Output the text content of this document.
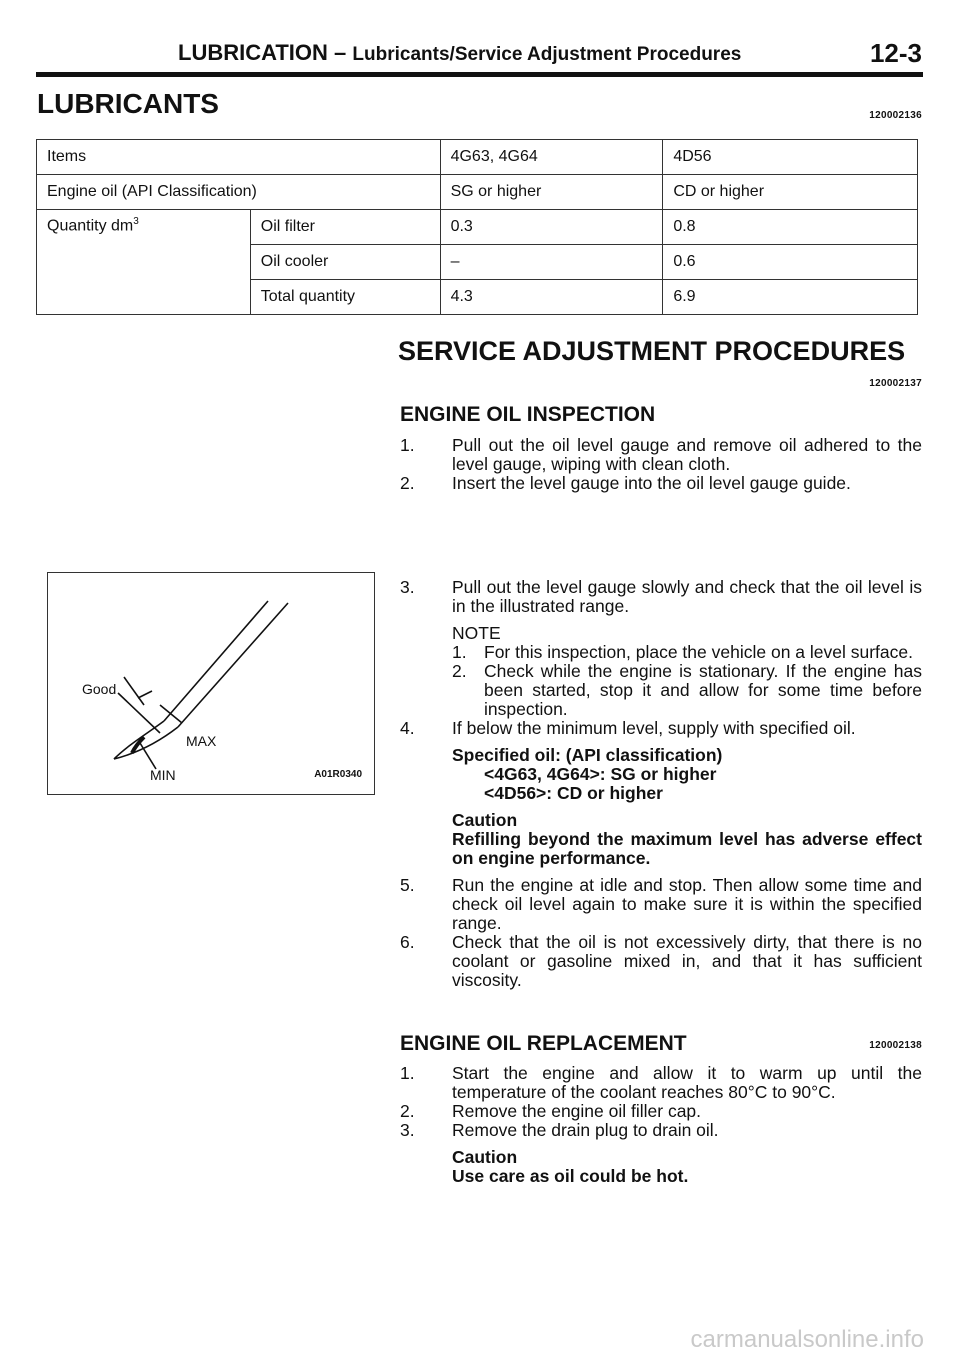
LUBRICATION – Lubricants/Service Adjustment Procedures	12-3
LUBRICANTS	120002136
Items		4G63, 4G64	4D56
Engine oil (API Classification)		SG or higher	CD or higher
Quantity $dm^3$	Oil filter	0.3	0.8
	Oil cooler	–	0.6
	Total quantity	4.3	6.9
SERVICE ADJUSTMENT PROCEDURES
120002137
ENGINE OIL INSPECTION
1. Pull out the oil level gauge and remove oil adhered to the level gauge, wiping with clean cloth.
2. Insert the level gauge into the oil level gauge guide.
3. Pull out the level gauge slowly and check that the oil level is in the illustrated range.

NOTE

1. For this inspection, place the vehicle on a level surface.
2. Check while the engine is stationary. If the engine has been started, stop it and allow for some time before inspection.
4. If below the minimum level, supply with specified oil.

Specified oil: (API classification)

<4G63, 4G64>: SG or higher

<4D56>: CD or higher

Caution

Refilling beyond the maximum level has adverse effect on engine performance.

5. Run the engine at idle and stop. Then allow some time and check oil level again to make sure it is within the specified range.
6. Check that the oil is not excessively dirty, that there is no coolant or gasoline mixed in, and that it has sufficient viscosity.
ENGINE OIL REPLACEMENT	120002138
1. Start the engine and allow it to warm up until the temperature of the coolant reaches 80°C to 90°C.
2. Remove the engine oil filler cap.
3. Remove the drain plug to drain oil.

Caution

Use care as oil could be hot.

Good
MAX
MIN	A01R0340
carmanualsonline.info
